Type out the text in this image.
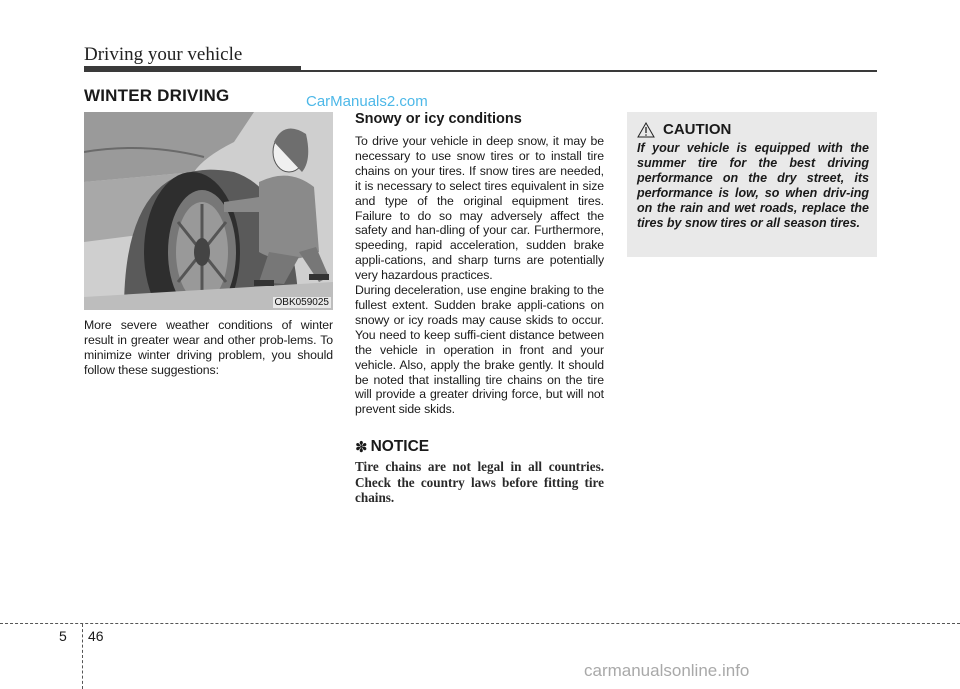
Driving your vehicle
WINTER DRIVING	CarManuals2.com
OBK059025

More severe weather conditions of winter result in greater wear and other prob-lems. To minimize winter driving problem, you should follow these suggestions:

Snowy or icy conditions

To drive your vehicle in deep snow, it may be necessary to use snow tires or to install tire chains on your tires. If snow tires are needed, it is necessary to select tires equivalent in size and type of the original equipment tires. Failure to do so may adversely affect the safety and han-dling of your car. Furthermore, speeding, rapid acceleration, sudden brake appli-cations, and sharp turns are potentially very hazardous practices.

During deceleration, use engine braking to the fullest extent. Sudden brake appli-cations on snowy or icy roads may cause skids to occur. You need to keep suffi-cient distance between the vehicle in operation in front and your vehicle. Also, apply the brake gently. It should be noted that installing tire chains on the tire will provide a greater driving force, but will not prevent side skids.

✽ NOTICE

Tire chains are not legal in all countries. Check the country laws before fitting tire chains.

CAUTION

If your vehicle is equipped with the summer tire for the best driving performance on the dry street, its performance is low, so when driv-ing on the rain and wet roads, replace the tires by snow tires or all season tires.

5 46
carmanualsonline.info
